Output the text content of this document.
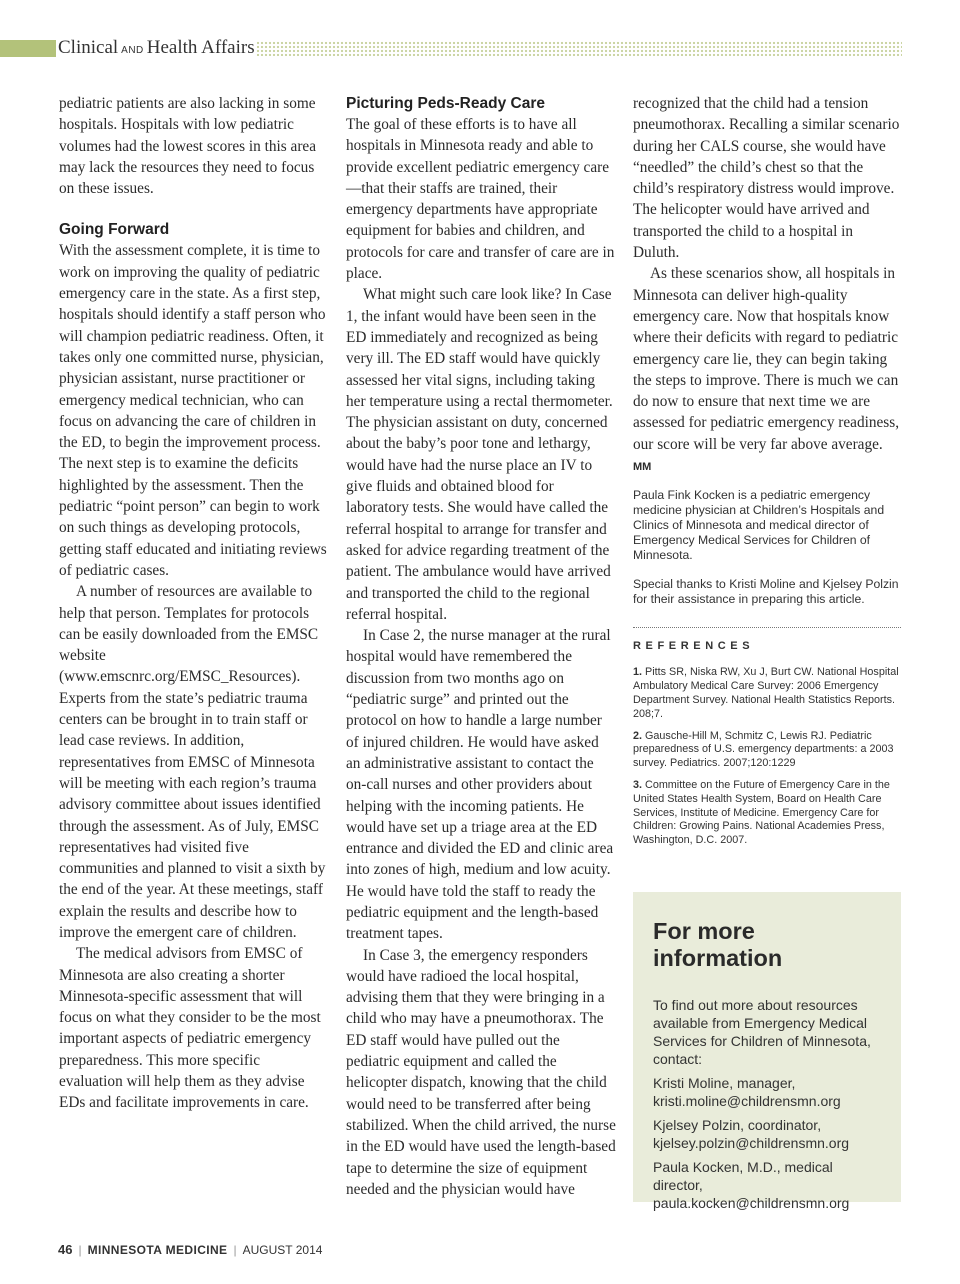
Clinical AND Health Affairs

pediatric patients are also lacking in some hospitals. Hospitals with low pediatric volumes had the lowest scores in this area may lack the resources they need to focus on these issues.

Going Forward

With the assessment complete, it is time to work on improving the quality of pediatric emergency care in the state. As a first step, hospitals should identify a staff person who will champion pediatric readiness. Often, it takes only one committed nurse, physician, physician assistant, nurse practitioner or emergency medical technician, who can focus on advancing the care of children in the ED, to begin the improvement process. The next step is to examine the deficits highlighted by the assessment. Then the pediatric “point person” can begin to work on such things as developing protocols, getting staff educated and initiating reviews of pediatric cases.

A number of resources are available to help that person. Templates for protocols can be easily downloaded from the EMSC website (www.emscnrc.org/EMSC_Resources). Experts from the state’s pediatric trauma centers can be brought in to train staff or lead case reviews. In addition, representatives from EMSC of Minnesota will be meeting with each region’s trauma advisory committee about issues identified through the assessment. As of July, EMSC representatives had visited five communities and planned to visit a sixth by the end of the year. At these meetings, staff explain the results and describe how to improve the emergent care of children.

The medical advisors from EMSC of Minnesota are also creating a shorter Minnesota-specific assessment that will focus on what they consider to be the most important aspects of pediatric emergency preparedness. This more specific evaluation will help them as they advise EDs and facilitate improvements in care.

Picturing Peds-Ready Care

The goal of these efforts is to have all hospitals in Minnesota ready and able to provide excellent pediatric emergency care—that their staffs are trained, their emergency departments have appropriate equipment for babies and children, and protocols for care and transfer of care are in place.

What might such care look like? In Case 1, the infant would have been seen in the ED immediately and recognized as being very ill. The ED staff would have quickly assessed her vital signs, including taking her temperature using a rectal thermometer. The physician assistant on duty, concerned about the baby’s poor tone and lethargy, would have had the nurse place an IV to give fluids and obtained blood for laboratory tests. She would have called the referral hospital to arrange for transfer and asked for advice regarding treatment of the patient. The ambulance would have arrived and transported the child to the regional referral hospital.

In Case 2, the nurse manager at the rural hospital would have remembered the discussion from two months ago on “pediatric surge” and printed out the protocol on how to handle a large number of injured children. He would have asked an administrative assistant to contact the on-call nurses and other providers about helping with the incoming patients. He would have set up a triage area at the ED entrance and divided the ED and clinic area into zones of high, medium and low acuity. He would have told the staff to ready the pediatric equipment and the length-based treatment tapes.

In Case 3, the emergency responders would have radioed the local hospital, advising them that they were bringing in a child who may have a pneumothorax. The ED staff would have pulled out the pediatric equipment and called the helicopter dispatch, knowing that the child would need to be transferred after being stabilized. When the child arrived, the nurse in the ED would have used the length-based tape to determine the size of equipment needed and the physician would have

recognized that the child had a tension pneumothorax. Recalling a similar scenario during her CALS course, she would have “needled” the child’s chest so that the child’s respiratory distress would improve. The helicopter would have arrived and transported the child to a hospital in Duluth.

As these scenarios show, all hospitals in Minnesota can deliver high-quality emergency care. Now that hospitals know where their deficits with regard to pediatric emergency care lie, they can begin taking the steps to improve. There is much we can do now to ensure that next time we are assessed for pediatric emergency readiness, our score will be very far above average. MM

Paula Fink Kocken is a pediatric emergency medicine physician at Children’s Hospitals and Clinics of Minnesota and medical director of Emergency Medical Services for Children of Minnesota.
Special thanks to Kristi Moline and Kjelsey Polzin for their assistance in preparing this article.
REFERENCES
1. Pitts SR, Niska RW, Xu J, Burt CW. National Hospital Ambulatory Medical Care Survey: 2006 Emergency Department Survey. National Health Statistics Reports. 208;7.
2. Gausche-Hill M, Schmitz C, Lewis RJ. Pediatric preparedness of U.S. emergency departments: a 2003 survey. Pediatrics. 2007;120:1229
3. Committee on the Future of Emergency Care in the United States Health System, Board on Health Care Services, Institute of Medicine. Emergency Care for Children: Growing Pains. National Academies Press, Washington, D.C. 2007.
For more information

To find out more about resources available from Emergency Medical Services for Children of Minnesota, contact:

Kristi Moline, manager, kristi.moline@childrensmn.org

Kjelsey Polzin, coordinator, kjelsey.polzin@childrensmn.org

Paula Kocken, M.D., medical director, paula.kocken@childrensmn.org

46 | MINNESOTA MEDICINE | AUGUST 2014
